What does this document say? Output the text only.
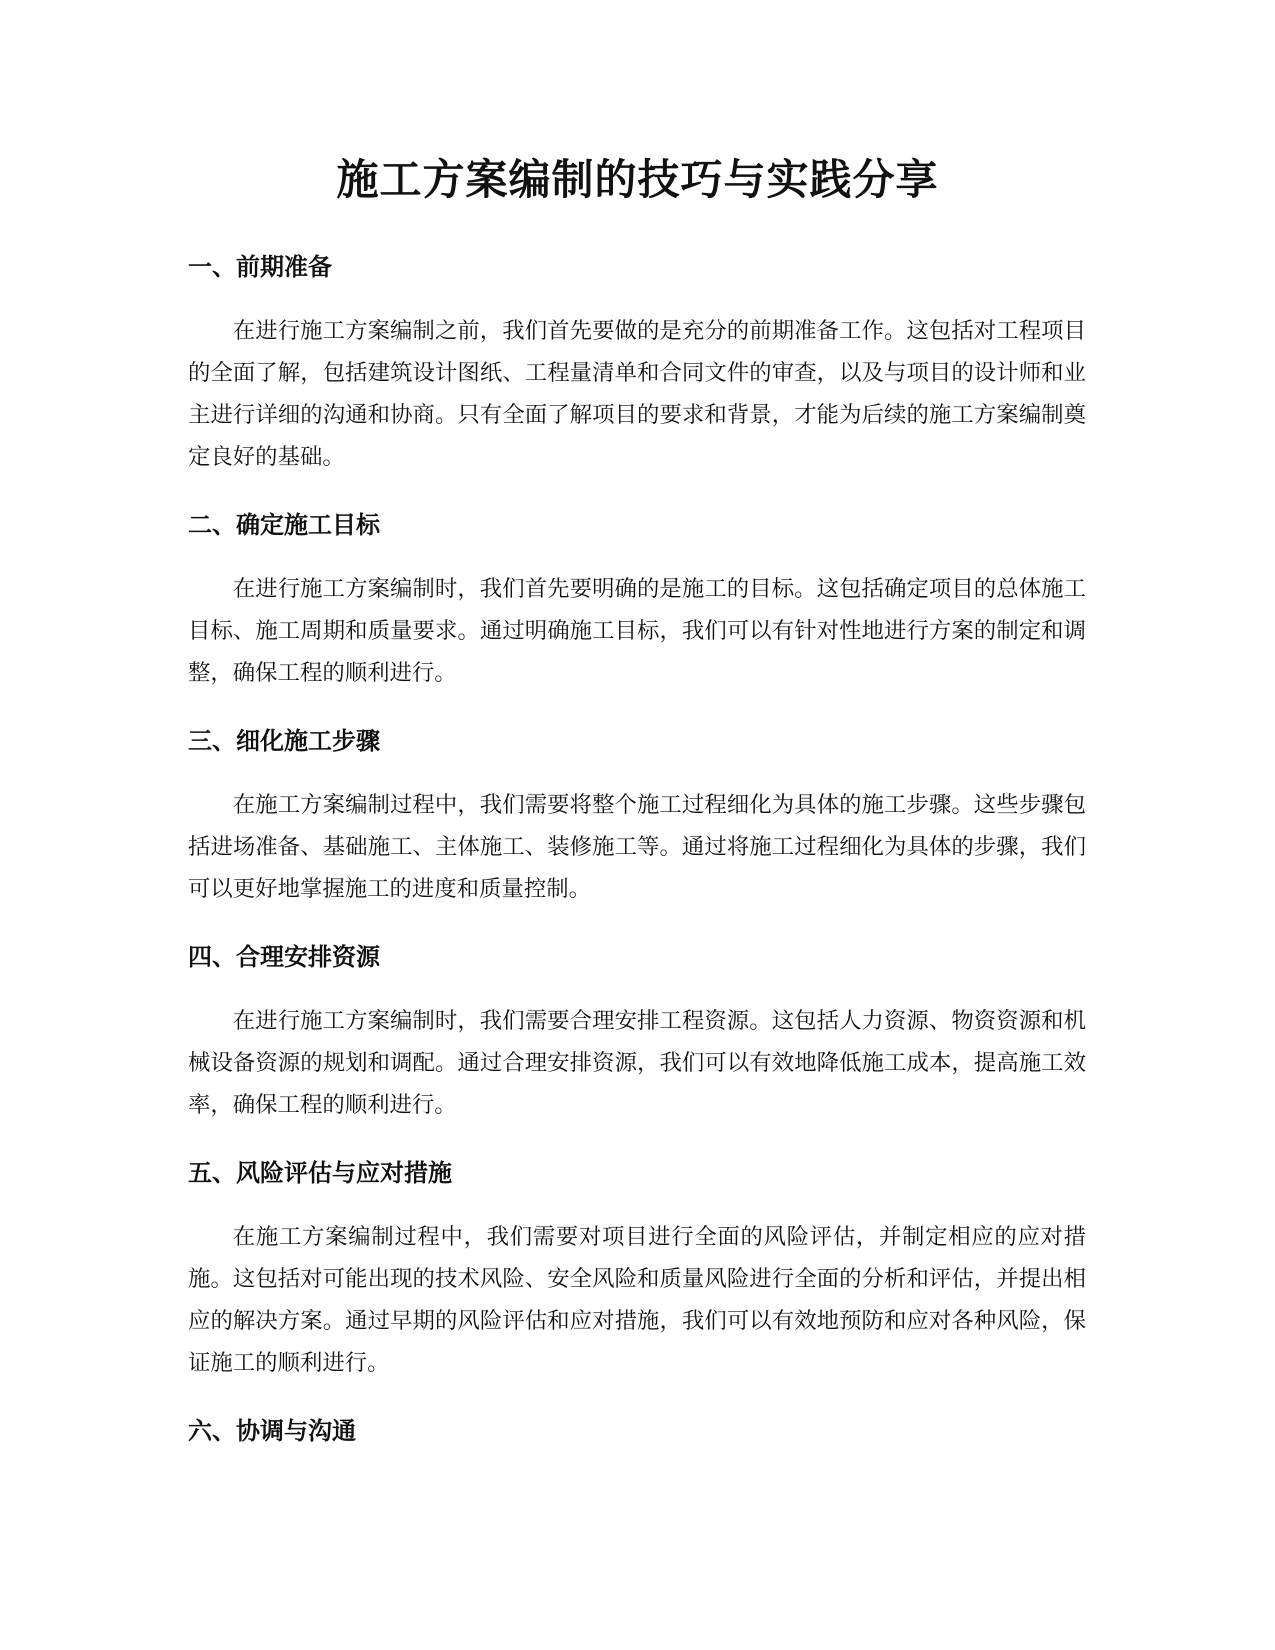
施工方案编制的技巧与实践分享
一、前期准备

在进行施工方案编制之前，我们首先要做的是充分的前期准备工作。这包括对工程项目的全面了解，包括建筑设计图纸、工程量清单和合同文件的审查，以及与项目的设计师和业主进行详细的沟通和协商。只有全面了解项目的要求和背景，才能为后续的施工方案编制奠定良好的基础。

二、确定施工目标

在进行施工方案编制时，我们首先要明确的是施工的目标。这包括确定项目的总体施工目标、施工周期和质量要求。通过明确施工目标，我们可以有针对性地进行方案的制定和调整，确保工程的顺利进行。

三、细化施工步骤

在施工方案编制过程中，我们需要将整个施工过程细化为具体的施工步骤。这些步骤包括进场准备、基础施工、主体施工、装修施工等。通过将施工过程细化为具体的步骤，我们可以更好地掌握施工的进度和质量控制。

四、合理安排资源

在进行施工方案编制时，我们需要合理安排工程资源。这包括人力资源、物资资源和机械设备资源的规划和调配。通过合理安排资源，我们可以有效地降低施工成本，提高施工效率，确保工程的顺利进行。

五、风险评估与应对措施

在施工方案编制过程中，我们需要对项目进行全面的风险评估，并制定相应的应对措施。这包括对可能出现的技术风险、安全风险和质量风险进行全面的分析和评估，并提出相应的解决方案。通过早期的风险评估和应对措施，我们可以有效地预防和应对各种风险，保证施工的顺利进行。

六、协调与沟通
